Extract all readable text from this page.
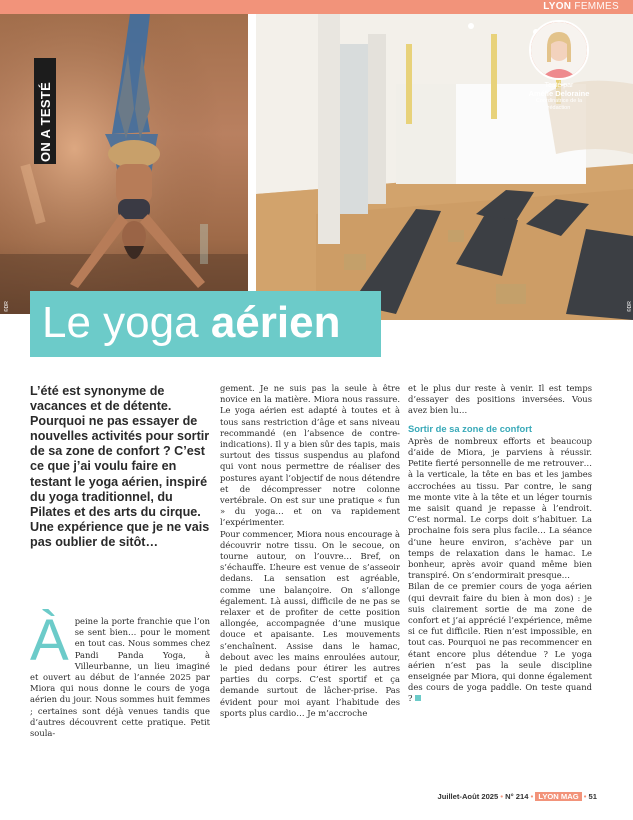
LYON FEMMES
©DR
ON A TESTÉ
©DR
Testé par
Amélie Deloraine
Coordinatrice de la rédaction
Le yoga aérien

L’été est synonyme de vacances et de détente. Pourquoi ne pas essayer de nouvelles activités pour sortir de sa zone de confort ? C’est ce que j’ai voulu faire en testant le yoga aérien, inspiré du yoga traditionnel, du Pilates et des arts du cirque. Une expérience que je ne vais pas oublier de sitôt…

À peine la porte franchie que l’on se sent bien… pour le moment en tout cas. Nous sommes chez Pandi Panda Yoga, à Villeurbanne, un lieu imaginé et ouvert au début de l’année 2025 par Miora qui nous donne le cours de yoga aérien du jour. Nous sommes huit femmes ; certaines sont déjà venues tandis que d’autres découvrent cette pratique. Petit soula-

gement. Je ne suis pas la seule à être novice en la matière. Miora nous rassure. Le yoga aérien est adapté à toutes et à tous sans restriction d’âge et sans niveau recommandé (en l’absence de contre-indications). Il y a bien sûr des tapis, mais surtout des tissus suspendus au plafond qui vont nous permettre de réaliser des postures ayant l’objectif de nous détendre et de décompresser notre colonne vertébrale. On est sur une pratique « fun » du yoga… et on va rapidement l’expérimenter.

Pour commencer, Miora nous encourage à découvrir notre tissu. On le secoue, on tourne autour, on l’ouvre… Bref, on s’échauffe. L’heure est venue de s’asseoir dedans. La sensation est agréable, comme une balançoire. On s’allonge également. Là aussi, difficile de ne pas se relaxer et de profiter de cette position allongée, accompagnée d’une musique douce et apaisante. Les mouvements s’enchaînent. Assise dans le hamac, debout avec les mains enroulées autour, le pied dedans pour étirer les autres parties du corps. C’est sportif et ça demande surtout de lâcher-prise. Pas évident pour moi ayant l’habitude des sports plus cardio… Je m’accroche

et le plus dur reste à venir. Il est temps d’essayer des positions inversées. Vous avez bien lu…

Sortir de sa zone de confort

Après de nombreux efforts et beaucoup d’aide de Miora, je parviens à réussir. Petite fierté personnelle de me retrouver… à la verticale, la tête en bas et les jambes accrochées au tissu. Par contre, le sang me monte vite à la tête et un léger tournis me saisit quand je repasse à l’endroit. C’est normal. Le corps doit s’habituer. La prochaine fois sera plus facile… La séance d’une heure environ, s’achève par un temps de relaxation dans le hamac. Le bonheur, après avoir quand même bien transpiré. On s’endormirait presque…

Bilan de ce premier cours de yoga aérien (qui devrait faire du bien à mon dos) : je suis clairement sortie de ma zone de confort et j’ai apprécié l’expérience, même si ce fut difficile. Rien n’est impossible, en tout cas. Pourquoi ne pas recommencer en étant encore plus détendue ? Le yoga aérien n’est pas la seule discipline enseignée par Miora, qui donne également des cours de yoga paddle. On teste quand ?

Juillet-Août 2025 • N° 214 • LYON MAG • 51
